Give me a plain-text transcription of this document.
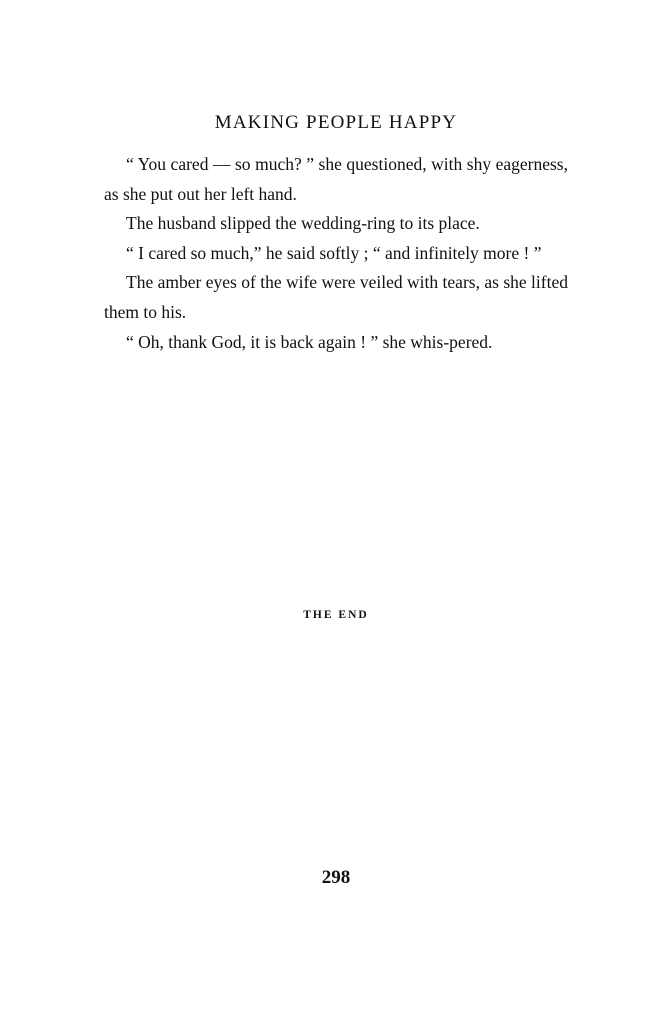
MAKING PEOPLE HAPPY

“ You cared — so much? ” she questioned, with shy eagerness, as she put out her left hand.

The husband slipped the wedding-ring to its place.

“ I cared so much,” he said softly ; “ and infinitely more ! ”

The amber eyes of the wife were veiled with tears, as she lifted them to his.

“ Oh, thank God, it is back again ! ” she whis-pered.

THE END
298
